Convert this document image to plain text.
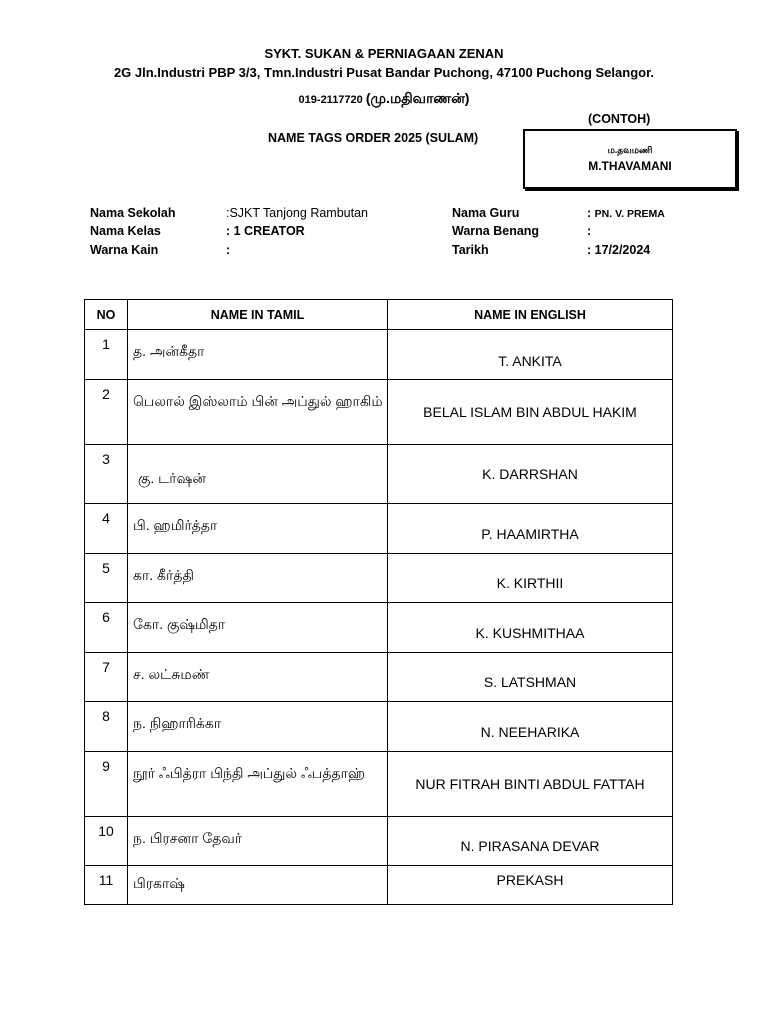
SYKT. SUKAN & PERNIAGAAN ZENAN
2G Jln.Industri PBP 3/3, Tmn.Industri Pusat Bandar Puchong, 47100 Puchong Selangor.
019-2117720 (மு.மதிவாணன்)
(CONTOH)
NAME TAGS ORDER 2025 (SULAM)
ம.தவமணி
M.THAVAMANI
Nama Sekolah	:SJKT Tanjong Rambutan
Nama Kelas	: 1 CREATOR
Warna Kain	:
Nama Guru	: PN. V. PREMA
Warna Benang	:
Tarikh	: 17/2/2024
NO	NAME IN TAMIL	NAME IN ENGLISH
1	த. அன்கீதா	T. ANKITA
2	பெலால் இஸ்லாம் பின் அப்துல் ஹாகிம்	BELAL ISLAM BIN ABDUL HAKIM
3	கு. டர்ஷன்	K. DARRSHAN
4	பி. ஹமிர்த்தா	P. HAAMIRTHA
5	கா. கீர்த்தி	K. KIRTHII
6	கோ. குஷ்மிதா	K. KUSHMITHAA
7	ச. லட்சுமண்	S. LATSHMAN
8	ந. நிஹாரிக்கா	N. NEEHARIKA
9	நூர் ஃபித்ரா பிந்தி அப்துல் ஃபத்தாஹ்	NUR FITRAH BINTI ABDUL FATTAH
10	ந. பிரசனா தேவர்	N. PIRASANA DEVAR
11	பிரகாஷ்	PREKASH
